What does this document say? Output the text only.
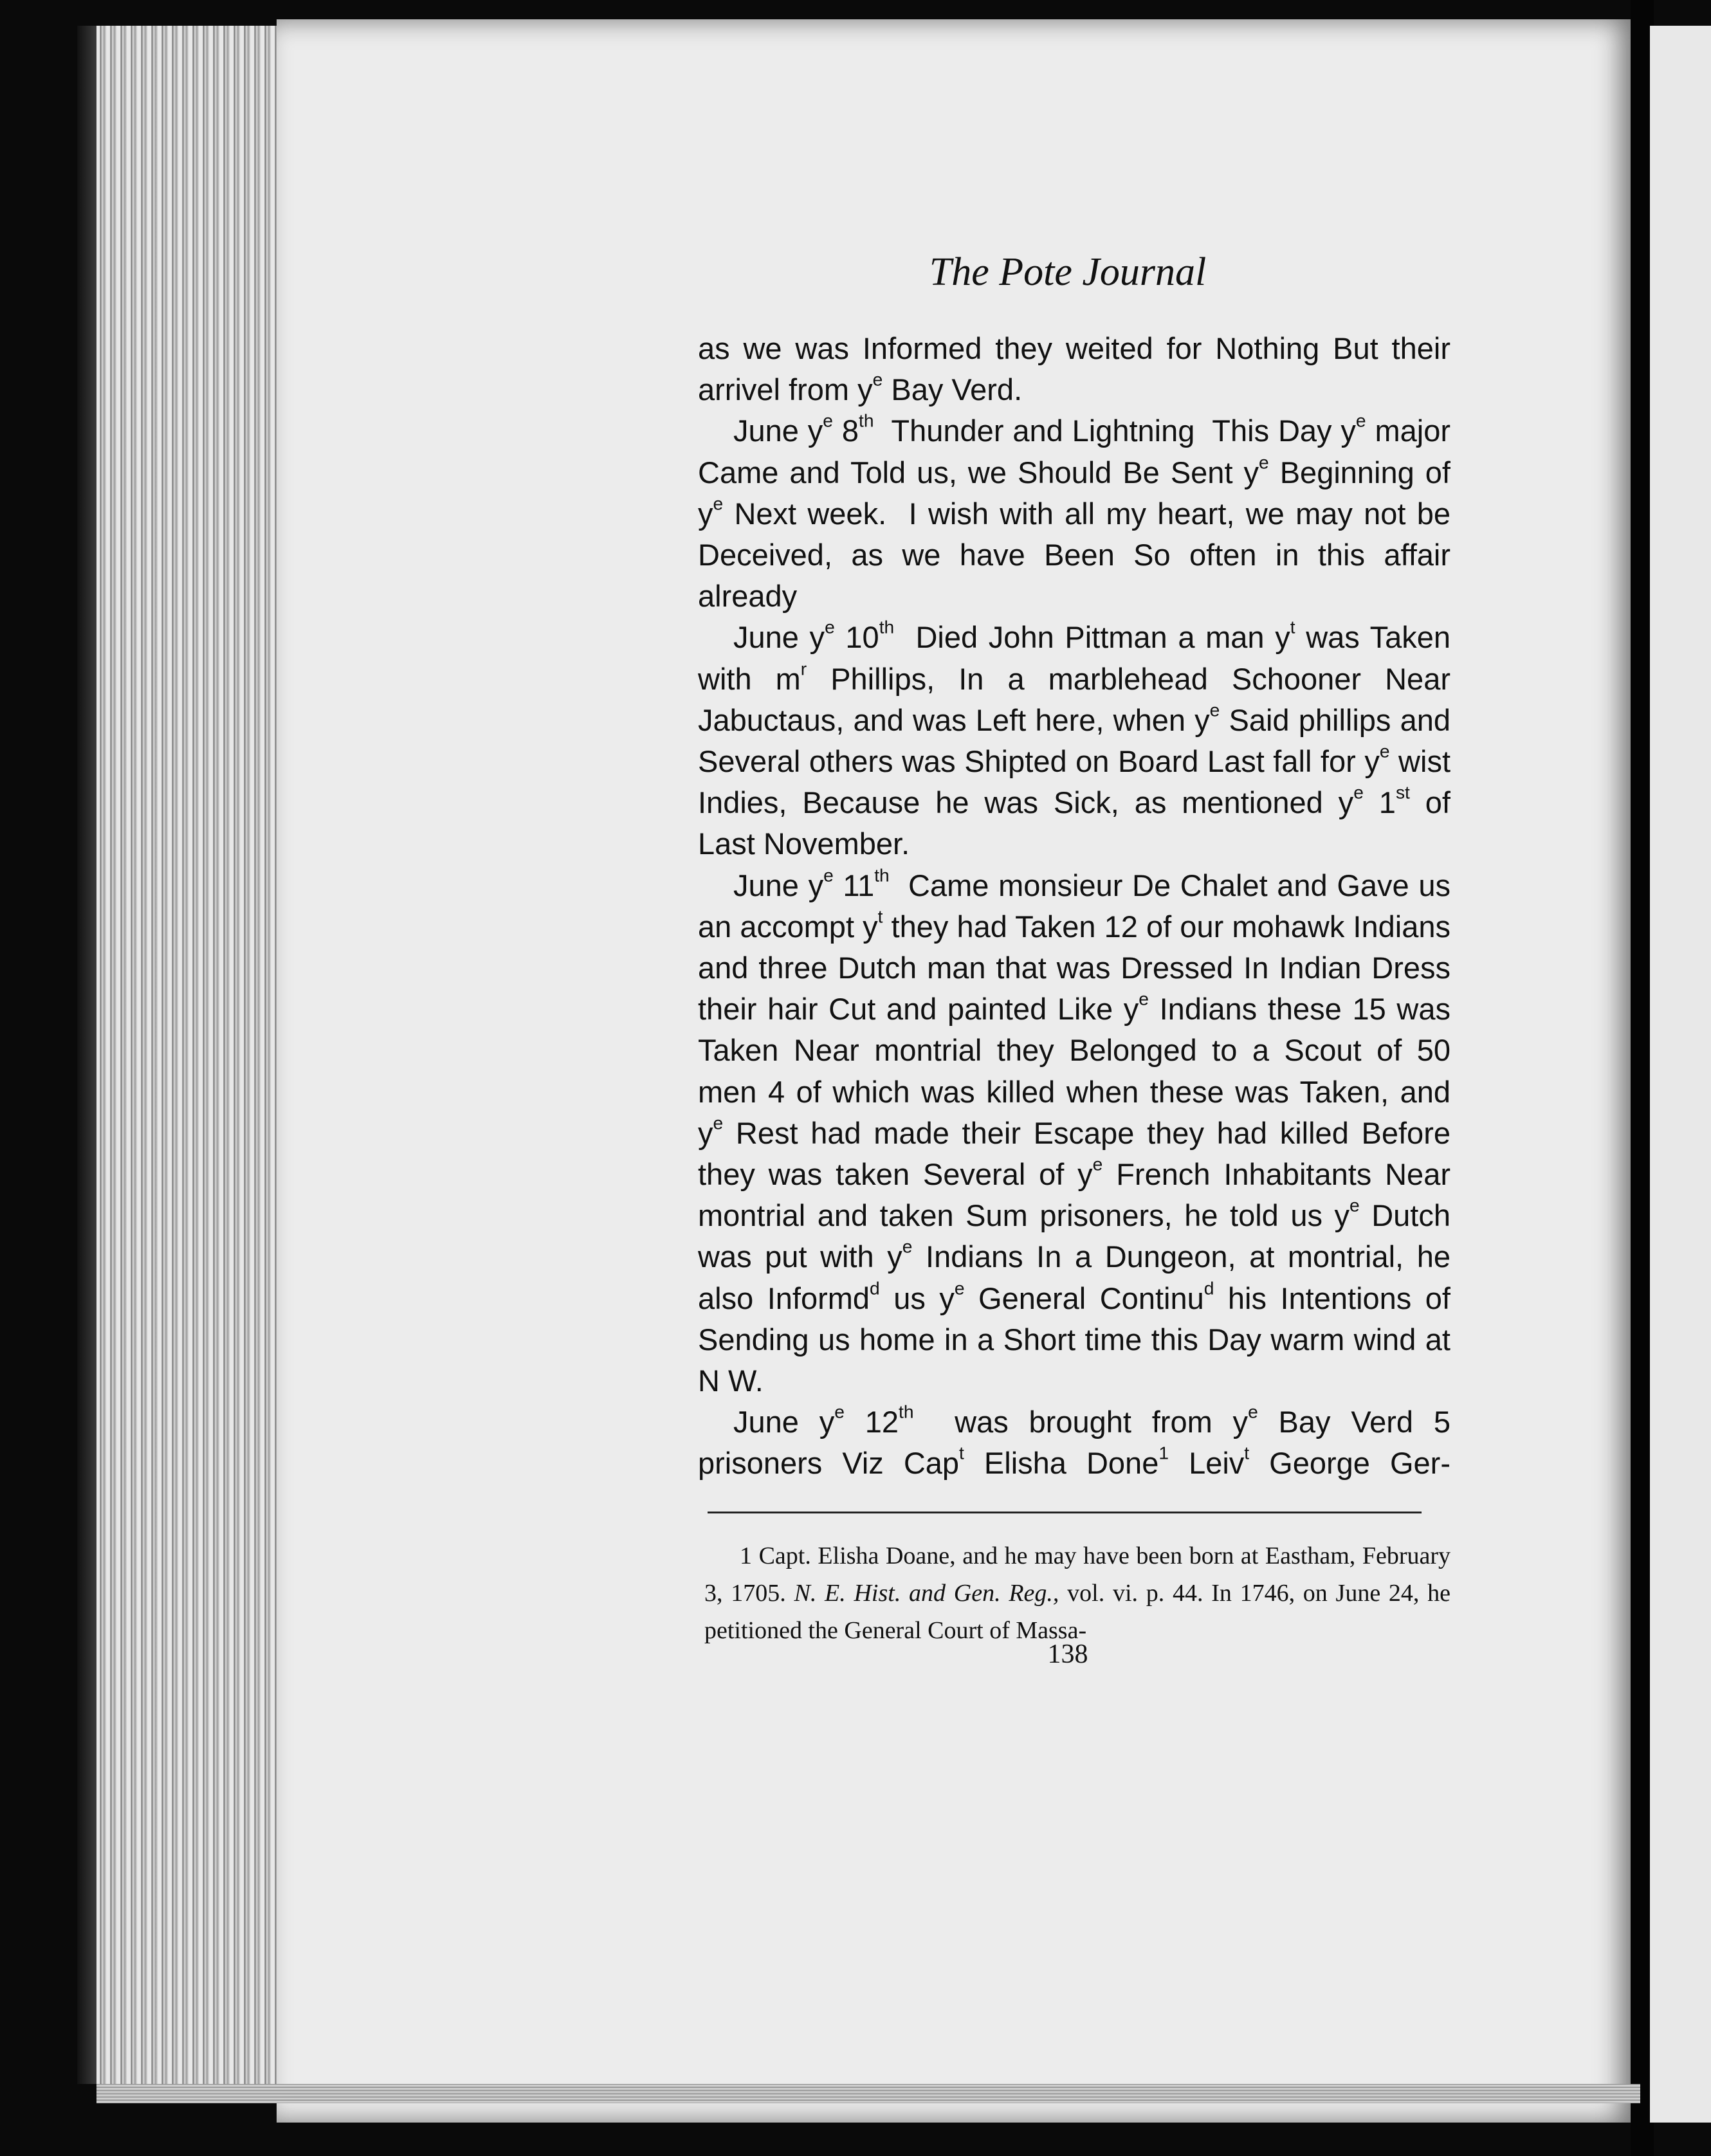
The Pote Journal

as we was Informed they weited for Nothing But their arrivel from $y^e$ Bay Verd.

June $y^e$ 8th  Thunder and Lightning  This Day $y^e$ major Came and Told us, we Should Be Sent $y^e$ Beginning of $y^e$ Next week.  I wish with all my heart, we may not be Deceived, as we have Been So often in this affair already

June $y^e$ 10th  Died John Pittman a man $y^t$ was Taken with $m^r$ Phillips, In a marblehead Schooner Near Jabuctaus, and was Left here, when $y^e$ Said phillips and Several others was Shipted on Board Last fall for $y^e$ wist Indies, Because he was Sick, as mentioned $y^e$ 1st of Last November.

June $y^e$ 11th  Came monsieur De Chalet and Gave us an accompt $y^t$ they had Taken 12 of our mohawk Indians and three Dutch man that was Dressed In Indian Dress their hair Cut and painted Like $y^e$ Indians these 15 was Taken Near montrial they Belonged to a Scout of 50 men 4 of which was killed when these was Taken, and $y^e$ Rest had made their Escape they had killed Before they was taken Several of $y^e$ French Inhabitants Near montrial and taken Sum prisoners, he told us $y^e$ Dutch was put with $y^e$ Indians In a Dungeon, at montrial, he also Informd$^d$ us $y^e$ General Continu$^d$ his Intentions of Sending us home in a Short time this Day warm wind at N W.

June $y^e$ 12th  was brought from $y^e$ Bay Verd 5 prisoners Viz Cap$^t$ Elisha Done$^1$ Leiv$^t$ George Ger-

1 Capt. Elisha Doane, and he may have been born at Eastham, February 3, 1705. N. E. Hist. and Gen. Reg., vol. vi. p. 44. In 1746, on June 24, he petitioned the General Court of Massa-

138
